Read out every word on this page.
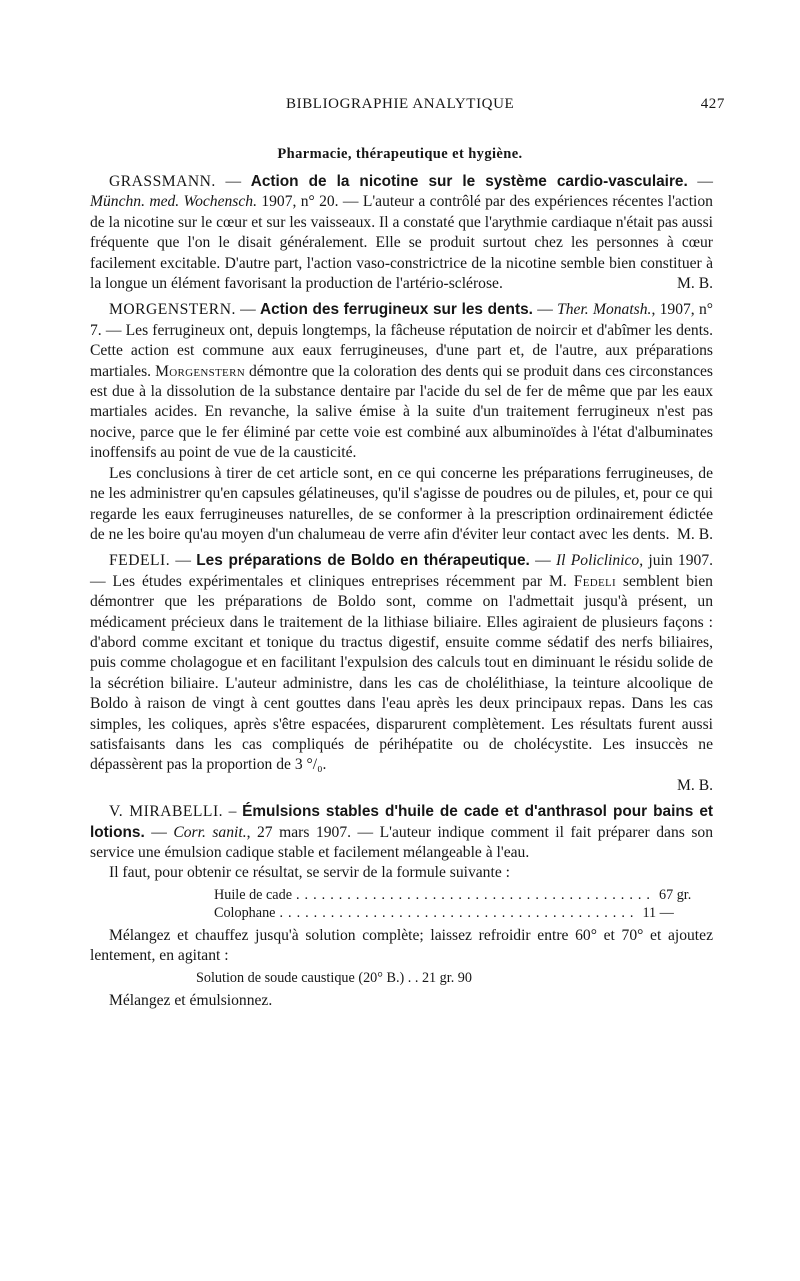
BIBLIOGRAPHIE ANALYTIQUE	427
Pharmacie, thérapeutique et hygiène.

GRASSMANN. — Action de la nicotine sur le système cardio-vasculaire. — Münchn. med. Wochensch. 1907, n° 20. — L'auteur a contrôlé par des expériences récentes l'action de la nicotine sur le cœur et sur les vaisseaux. Il a constaté que l'arythmie cardiaque n'était pas aussi fréquente que l'on le disait généralement. Elle se produit surtout chez les personnes à cœur facilement excitable. D'autre part, l'action vaso-constrictrice de la nicotine semble bien constituer à la longue un élément favorisant la production de l'artério-sclérose.	M. B.

MORGENSTERN. — Action des ferrugineux sur les dents. — Ther. Monatsh., 1907, n° 7. — Les ferrugineux ont, depuis longtemps, la fâcheuse réputation de noircir et d'abîmer les dents. Cette action est commune aux eaux ferrugineuses, d'une part et, de l'autre, aux préparations martiales. Morgenstern démontre que la coloration des dents qui se produit dans ces circonstances est due à la dissolution de la substance dentaire par l'acide du sel de fer de même que par les eaux martiales acides. En revanche, la salive émise à la suite d'un traitement ferrugineux n'est pas nocive, parce que le fer éliminé par cette voie est combiné aux albuminoïdes à l'état d'albuminates inoffensifs au point de vue de la causticité.

Les conclusions à tirer de cet article sont, en ce qui concerne les préparations ferrugineuses, de ne les administrer qu'en capsules gélatineuses, qu'il s'agisse de poudres ou de pilules, et, pour ce qui regarde les eaux ferrugineuses naturelles, de se conformer à la prescription ordinairement édictée de ne les boire qu'au moyen d'un chalumeau de verre afin d'éviter leur contact avec les dents. M. B.

FEDELI. — Les préparations de Boldo en thérapeutique. — Il Policlinico, juin 1907. — Les études expérimentales et cliniques entreprises récemment par M. Fedeli semblent bien démontrer que les préparations de Boldo sont, comme on l'admettait jusqu'à présent, un médicament précieux dans le traitement de la lithiase biliaire. Elles agiraient de plusieurs façons : d'abord comme excitant et tonique du tractus digestif, ensuite comme sédatif des nerfs biliaires, puis comme cholagogue et en facilitant l'expulsion des calculs tout en diminuant le résidu solide de la sécrétion biliaire. L'auteur administre, dans les cas de cholélithiase, la teinture alcoolique de Boldo à raison de vingt à cent gouttes dans l'eau après les deux principaux repas. Dans les cas simples, les coliques, après s'être espacées, disparurent complètement. Les résultats furent aussi satisfaisants dans les cas compliqués de périhépatite ou de cholécystite. Les insuccès ne dépassèrent pas la proportion de 3 °/₀.

M. B.

V. MIRABELLI. – Émulsions stables d'huile de cade et d'anthrasol pour bains et lotions. — Corr. sanit., 27 mars 1907. — L'auteur indique comment il fait préparer dans son service une émulsion cadique stable et facilement mélangeable à l'eau.

Il faut, pour obtenir ce résultat, se servir de la formule suivante :

Huile de cade .......................................... 67 gr.
Colophane .......................................... 11 —

Mélangez et chauffez jusqu'à solution complète; laissez refroidir entre 60° et 70° et ajoutez lentement, en agitant :

Solution de soude caustique (20° B.) . . 21 gr. 90

Mélangez et émulsionnez.
